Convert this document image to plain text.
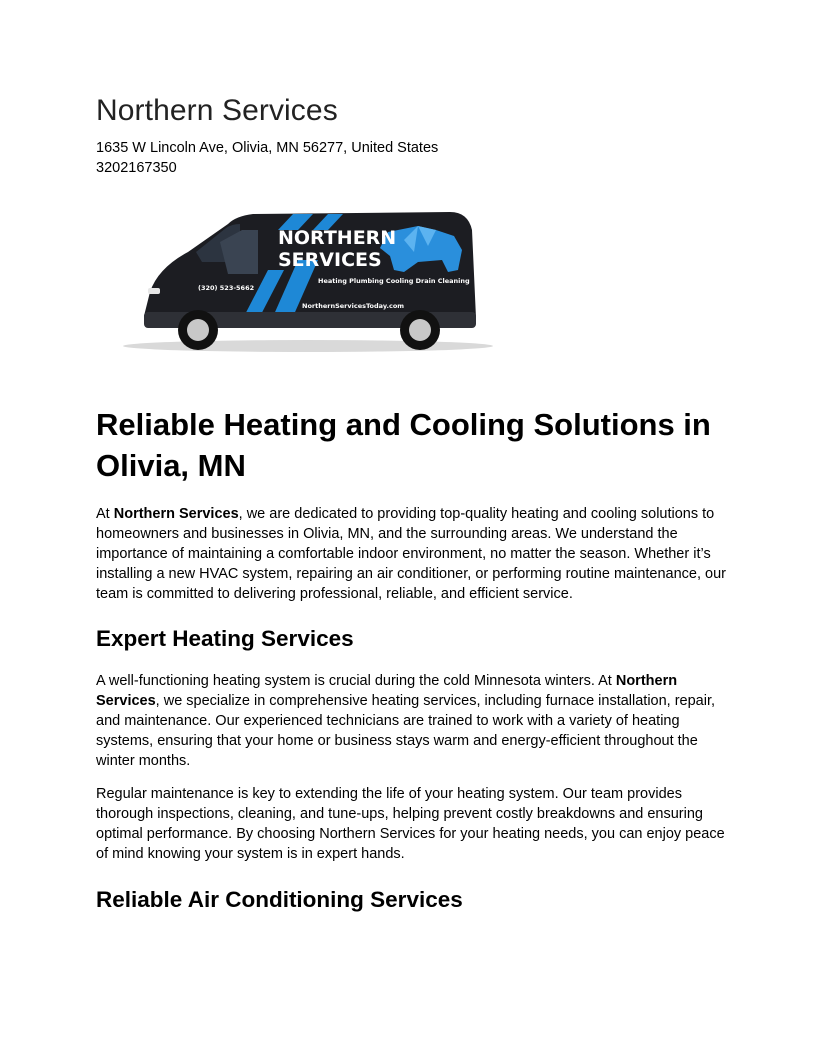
Northern Services
1635 W Lincoln Ave, Olivia, MN 56277, United States
3202167350
NORTHERN
SERVICES
Heating Plumbing Cooling Drain Cleaning
(320) 523-5662
NorthernServicesToday.com
Reliable Heating and Cooling Solutions in Olivia, MN

At Northern Services, we are dedicated to providing top-quality heating and cooling solutions to homeowners and businesses in Olivia, MN, and the surrounding areas. We understand the importance of maintaining a comfortable indoor environment, no matter the season. Whether it’s installing a new HVAC system, repairing an air conditioner, or performing routine maintenance, our team is committed to delivering professional, reliable, and efficient service.

Expert Heating Services

A well-functioning heating system is crucial during the cold Minnesota winters. At Northern Services, we specialize in comprehensive heating services, including furnace installation, repair, and maintenance. Our experienced technicians are trained to work with a variety of heating systems, ensuring that your home or business stays warm and energy-efficient throughout the winter months.

Regular maintenance is key to extending the life of your heating system. Our team provides thorough inspections, cleaning, and tune-ups, helping prevent costly breakdowns and ensuring optimal performance. By choosing Northern Services for your heating needs, you can enjoy peace of mind knowing your system is in expert hands.

Reliable Air Conditioning Services
